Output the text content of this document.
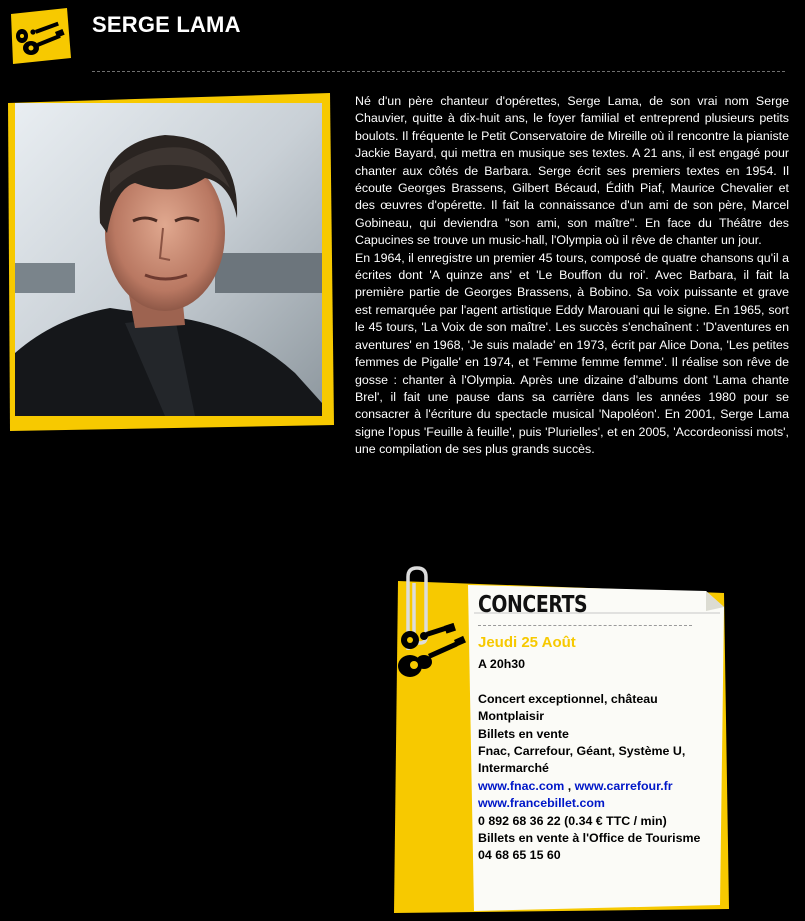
SERGE LAMA

Né d'un père chanteur d'opérettes, Serge Lama, de son vrai nom Serge Chauvier, quitte à dix-huit ans, le foyer familial et entreprend plusieurs petits boulots. Il fréquente le Petit Conservatoire de Mireille où il rencontre la pianiste Jackie Bayard, qui mettra en musique ses textes. A 21 ans, il est engagé pour chanter aux côtés de Barbara. Serge écrit ses premiers textes en 1954. Il écoute Georges Brassens, Gilbert Bécaud, Édith Piaf, Maurice Chevalier et des œuvres d'opérette. Il fait la connaissance d'un ami de son père, Marcel Gobineau, qui deviendra "son ami, son maître". En face du Théâtre des Capucines se trouve un music-hall, l'Olympia où il rêve de chanter un jour.

En 1964, il enregistre un premier 45 tours, composé de quatre chansons qu'il a écrites dont 'A quinze ans' et 'Le Bouffon du roi'. Avec Barbara, il fait la première partie de Georges Brassens, à Bobino. Sa voix puissante et grave est remarquée par l'agent artistique Eddy Marouani qui le signe. En 1965, sort le 45 tours, 'La Voix de son maître'. Les succès s'enchaînent : 'D'aventures en aventures' en 1968, 'Je suis malade' en 1973, écrit par Alice Dona, 'Les petites femmes de Pigalle' en 1974, et 'Femme femme femme'. Il réalise son rêve de gosse : chanter à l'Olympia. Après une dizaine d'albums dont 'Lama chante Brel', il fait une pause dans sa carrière dans les années 1980 pour se consacrer à l'écriture du spectacle musical 'Napoléon'. En 2001, Serge Lama signe l'opus 'Feuille à feuille', puis 'Plurielles', et en 2005, 'Accordeonissi mots', une compilation de ses plus grands succès.

CONCERTS
Jeudi 25 Août
A 20h30
Concert exceptionnel, château Montplaisir
Billets en vente
Fnac, Carrefour, Géant, Système U, Intermarché
www.fnac.com , www.carrefour.fr
www.francebillet.com
0 892 68 36 22 (0.34 € TTC / min)
Billets en vente à l'Office de Tourisme
04 68 65 15 60
